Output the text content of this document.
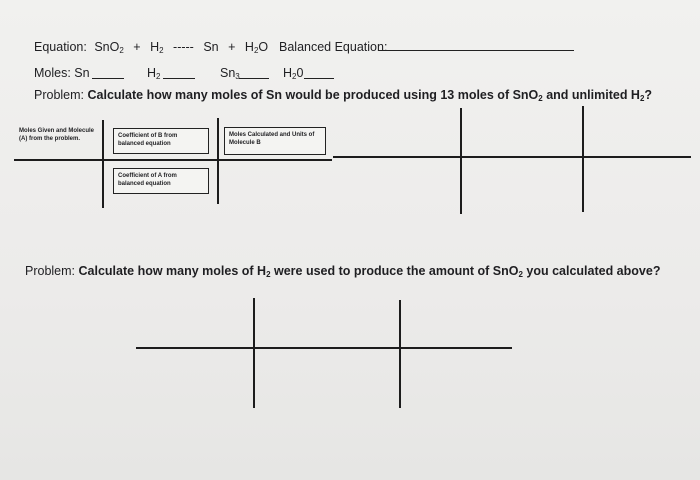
Equation: $SnO_2 + H_2$ ----- $Sn + H_2O$ Balanced Equation:
Moles: Sn	$H_2$	$Sn_3$	$H_20$
Problem: Calculate how many moles of Sn would be produced using 13 moles of SnO$_2$ and unlimited $H_2$?
Moles Given and Molecule (A) from the problem.	Coefficient of B from balanced equation
Coefficient of A from balanced equation
Moles Calculated and Units of Molecule B
Problem: Calculate how many moles of $H_2$ were used to produce the amount of SnO$_2$ you calculated above?
